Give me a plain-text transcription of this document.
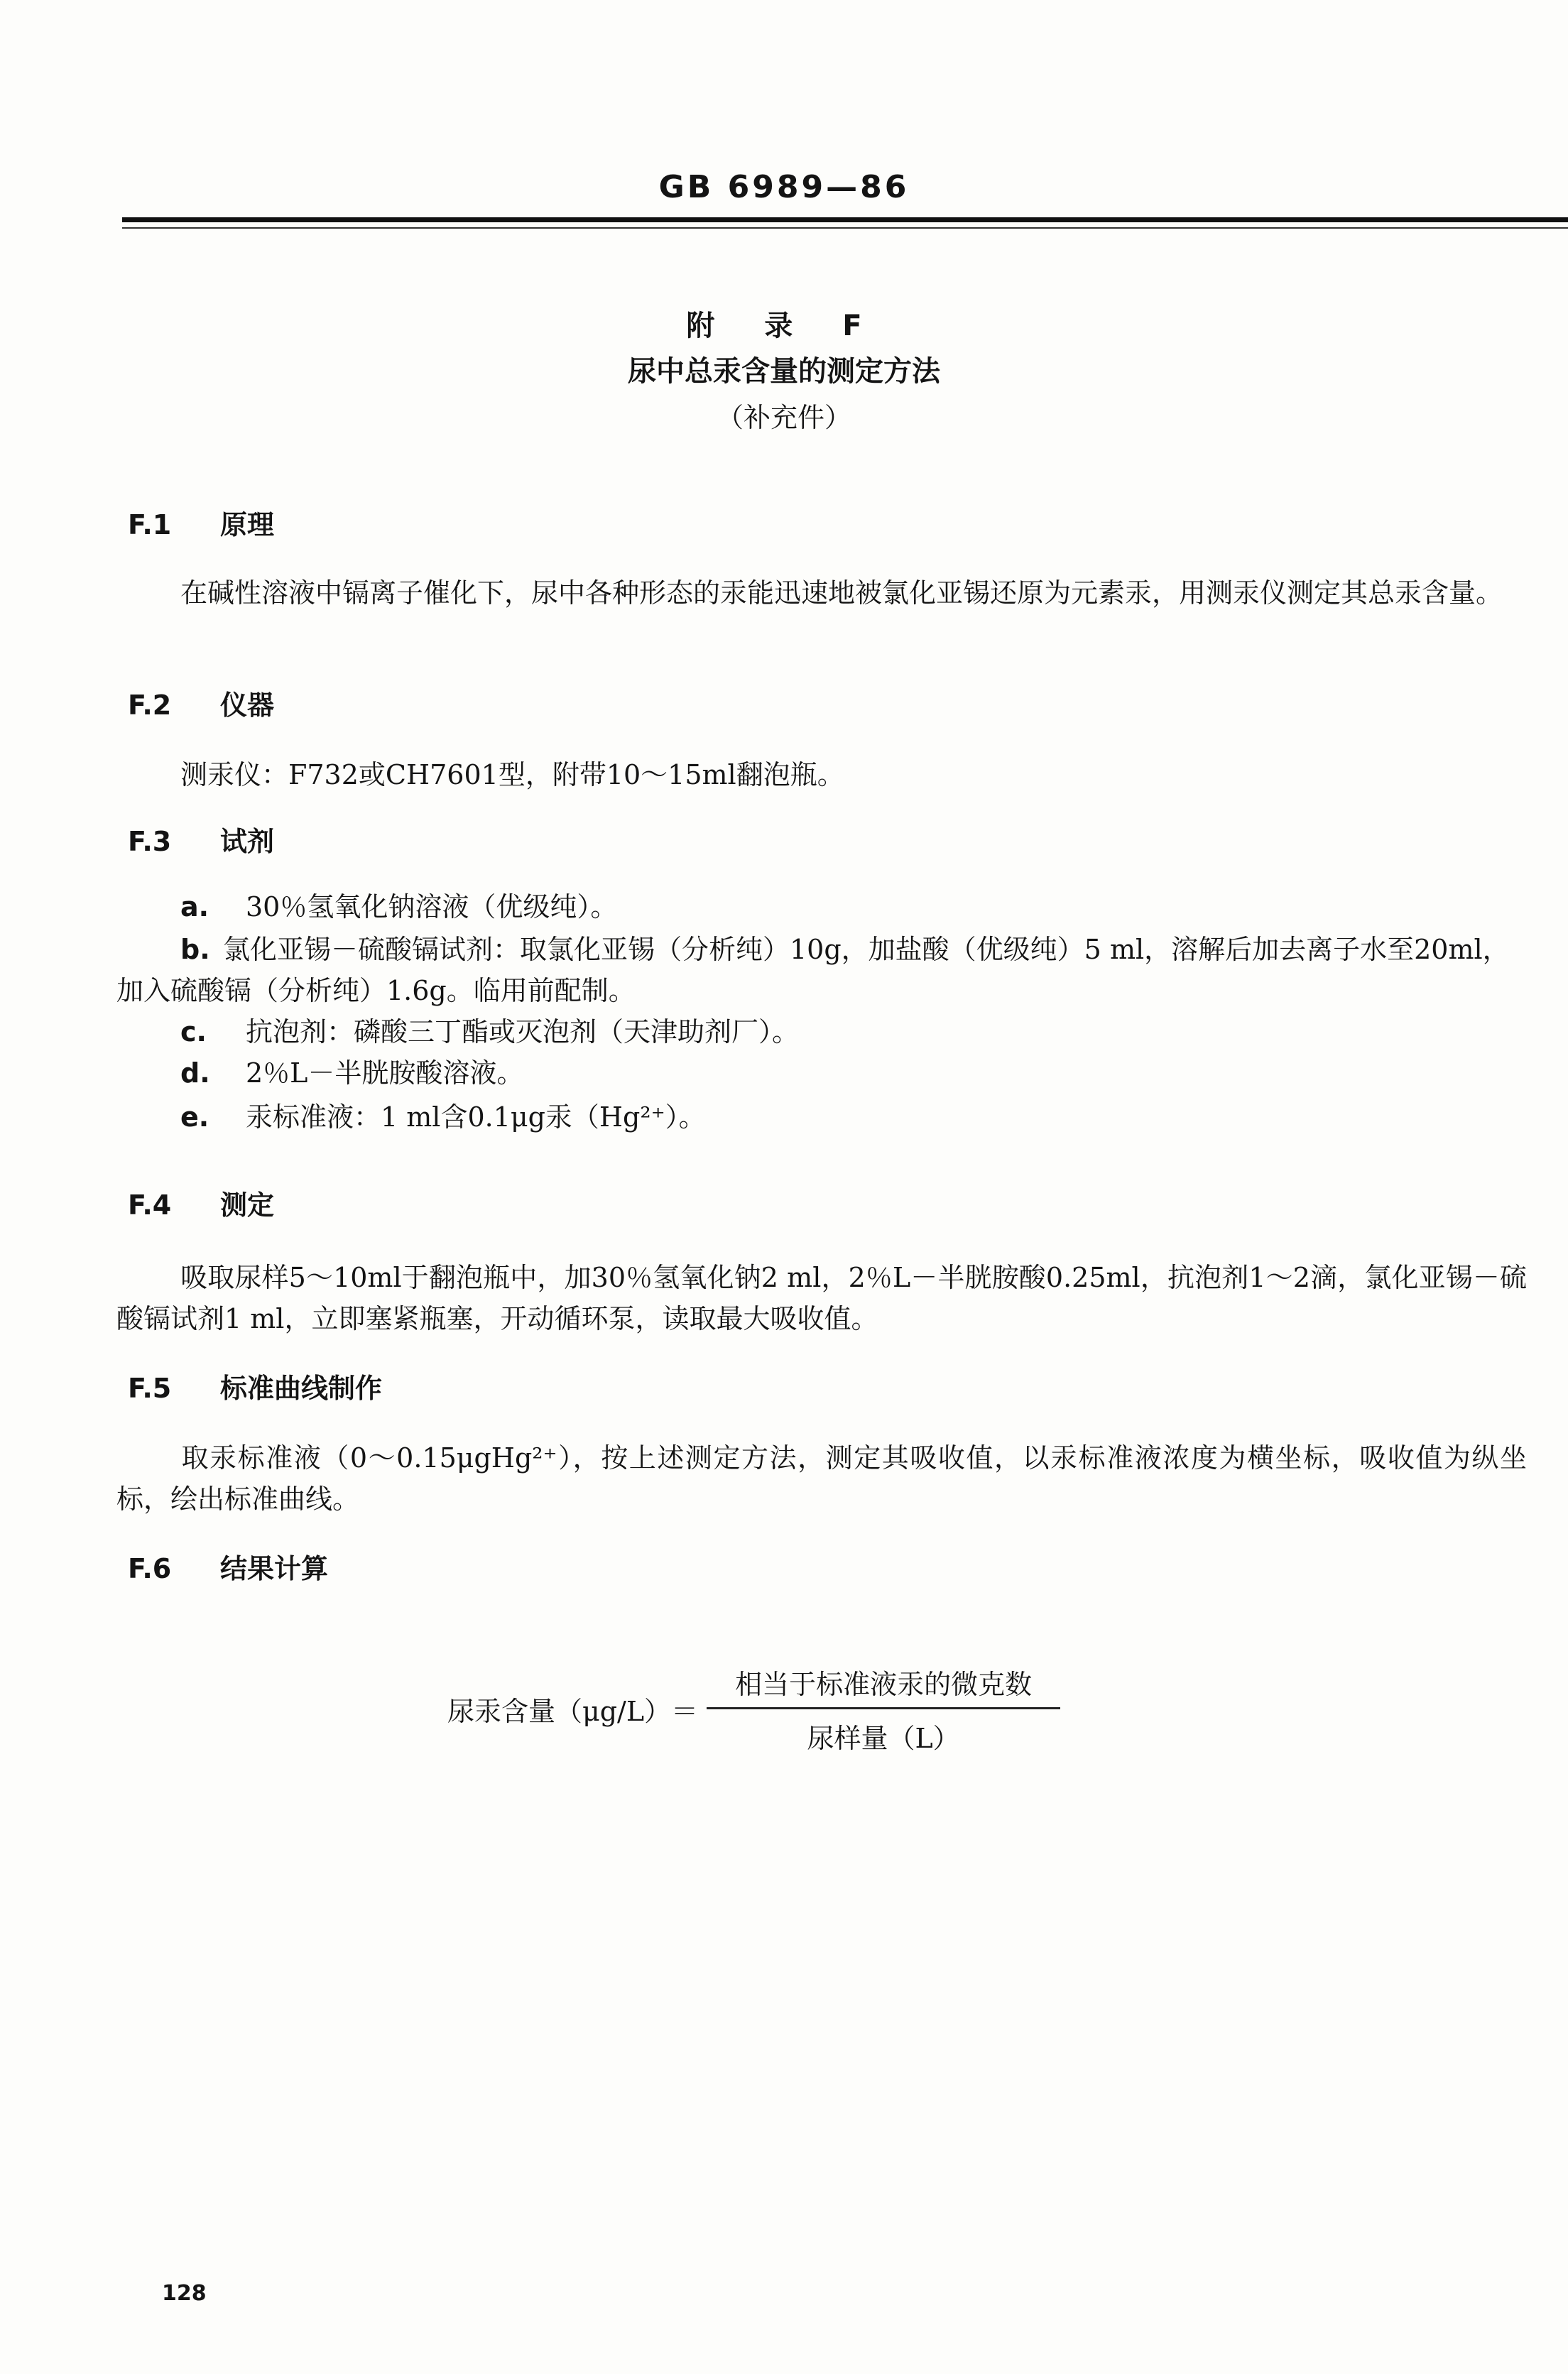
GB 6989—86
附 录 F
尿中总汞含量的测定方法
（补充件）
F.1 原理
在碱性溶液中镉离子催化下，尿中各种形态的汞能迅速地被氯化亚锡还原为元素汞，用测汞仪测定其总汞含量。
F.2 仪器
测汞仪：F732或CH7601型，附带10～15ml翻泡瓶。
F.3 试剂
a. 30％氢氧化钠溶液（优级纯）。
b. 氯化亚锡－硫酸镉试剂：取氯化亚锡（分析纯）10g，加盐酸（优级纯）5 ml，溶解后加去离子水至20ml，加入硫酸镉（分析纯）1.6g。临用前配制。
c. 抗泡剂：磷酸三丁酯或灭泡剂（天津助剂厂）。
d. 2％L－半胱胺酸溶液。
e. 汞标准液：1 ml含0.1μg汞（Hg²⁺）。
F.4 测定
吸取尿样5～10ml于翻泡瓶中，加30％氢氧化钠2 ml，2％L－半胱胺酸0.25ml，抗泡剂1～2滴，氯化亚锡－硫酸镉试剂1 ml，立即塞紧瓶塞，开动循环泵，读取最大吸收值。
F.5 标准曲线制作
取汞标准液（0～0.15μgHg²⁺），按上述测定方法，测定其吸收值，以汞标准液浓度为横坐标，吸收值为纵坐标，绘出标准曲线。
F.6 结果计算
尿汞含量$(\mu g/L)= \frac{\text{相当于标准液汞的微克数}}{\text{尿样量（L）}}$
128
